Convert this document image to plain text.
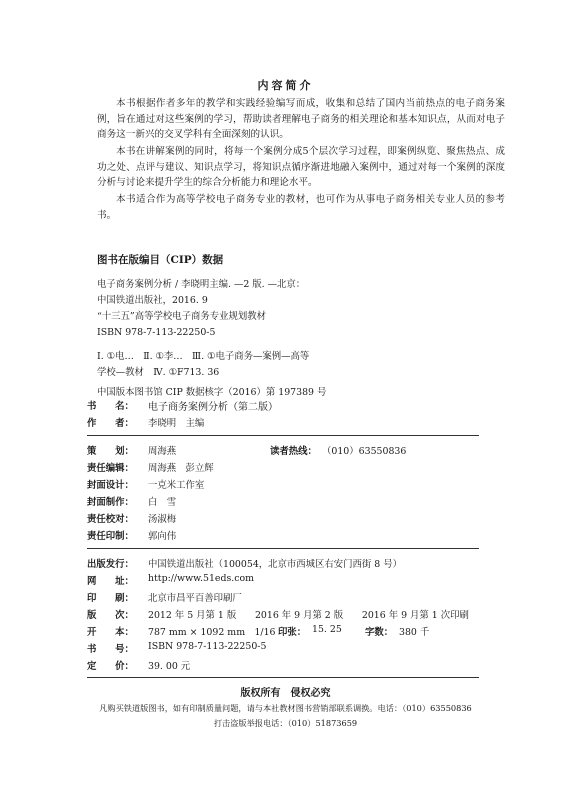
内容简介
本书根据作者多年的教学和实践经验编写而成，收集和总结了国内当前热点的电子商务案例，旨在通过对这些案例的学习，帮助读者理解电子商务的相关理论和基本知识点，从而对电子商务这一新兴的交叉学科有全面深刻的认识。
本书在讲解案例的同时，将每一个案例分成5个层次学习过程，即案例纵览、聚焦热点、成功之处、点评与建议、知识点学习，将知识点循序渐进地融入案例中，通过对每一个案例的深度分析与讨论来提升学生的综合分析能力和理论水平。
本书适合作为高等学校电子商务专业的教材，也可作为从事电子商务相关专业人员的参考书。
图书在版编目（CIP）数据
电子商务案例分析 / 李晓明主编. —2 版. —北京：
中国铁道出版社，2016. 9
“十三五”高等学校电子商务专业规划教材
ISBN 978-7-113-22250-5
Ⅰ. ①电…　Ⅱ. ①李…　Ⅲ. ①电子商务—案例—高等
学校—教材　Ⅳ. ①F713. 36
中国版本图书馆 CIP 数据核字（2016）第 197389 号
书　　名： 电子商务案例分析（第二版）
作　　者： 李晓明　主编
策　　划： 周海燕	读者热线： （010）63550836
责任编辑： 周海燕　彭立辉
封面设计： 一克米工作室
封面制作： 白　雪
责任校对： 汤淑梅
责任印制： 郭向伟
出版发行： 中国铁道出版社（100054，北京市西城区右安门西街 8 号）
网　　址： http://www.51eds.com
印　　刷： 北京市昌平百善印刷厂
版　　次： 2012 年 5 月第 1 版　　2016 年 9 月第 2 版　　2016 年 9 月第 1 次印刷
开　　本： 787 mm × 1092 mm　1/16 印张： 15. 25 字数： 380 千
书　　号： ISBN 978-7-113-22250-5
定　　价： 39. 00 元
版权所有　侵权必究
凡购买铁道版图书，如有印制质量问题，请与本社教材图书营销部联系调换。电话：（010）63550836
打击盗版举报电话：（010）51873659
